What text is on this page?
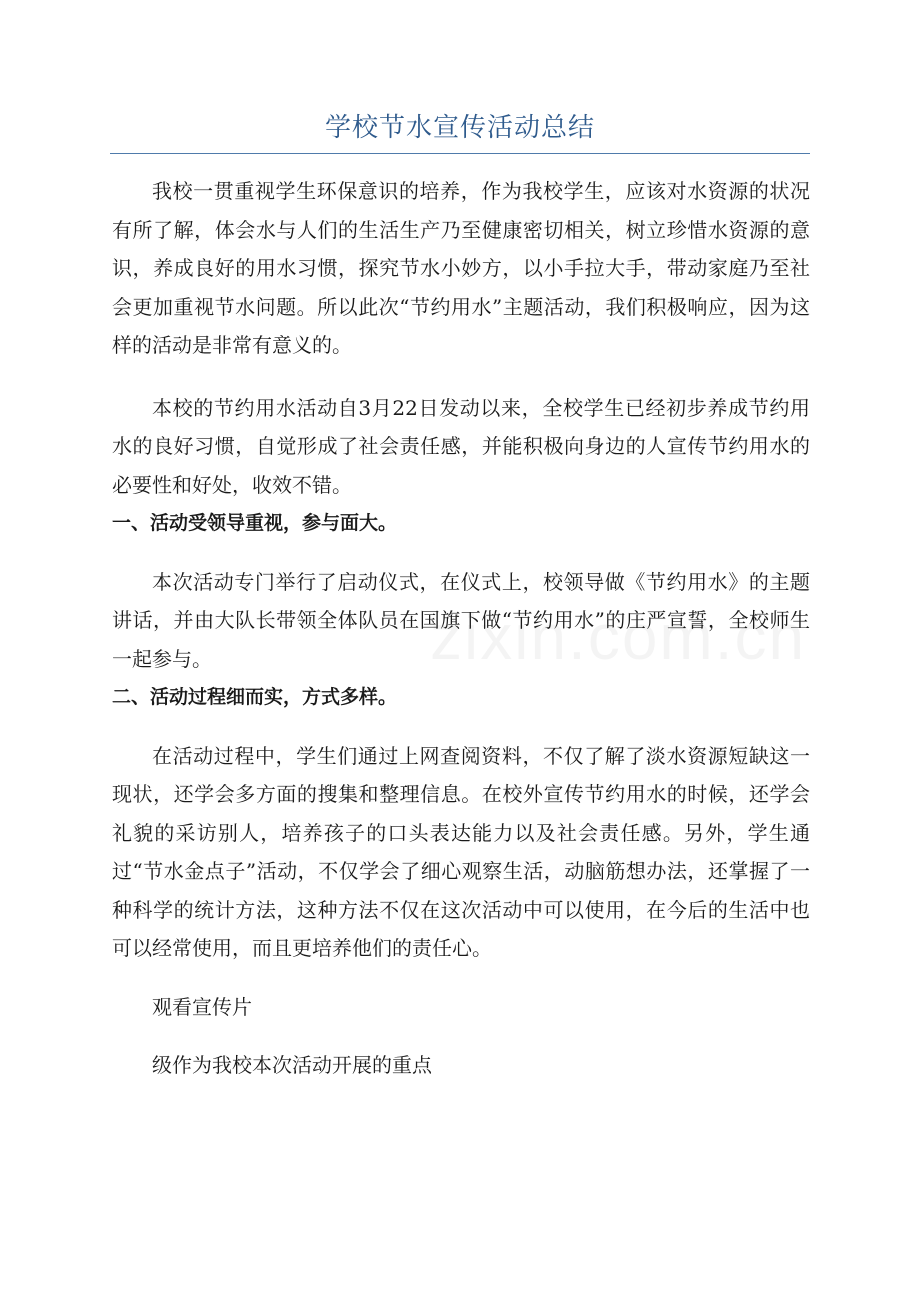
学校节水宣传活动总结

我校一贯重视学生环保意识的培养，作为我校学生，应该对水资源的状况有所了解，体会水与人们的生活生产乃至健康密切相关，树立珍惜水资源的意识，养成良好的用水习惯，探究节水小妙方，以小手拉大手，带动家庭乃至社会更加重视节水问题。所以此次“节约用水”主题活动，我们积极响应，因为这样的活动是非常有意义的。

本校的节约用水活动自3月22日发动以来，全校学生已经初步养成节约用水的良好习惯，自觉形成了社会责任感，并能积极向身边的人宣传节约用水的必要性和好处，收效不错。

一、活动受领导重视，参与面大。

本次活动专门举行了启动仪式，在仪式上，校领导做《节约用水》的主题讲话，并由大队长带领全体队员在国旗下做“节约用水”的庄严宣誓，全校师生一起参与。

二、活动过程细而实，方式多样。

在活动过程中，学生们通过上网查阅资料，不仅了解了淡水资源短缺这一现状，还学会多方面的搜集和整理信息。在校外宣传节约用水的时候，还学会礼貌的采访别人，培养孩子的口头表达能力以及社会责任感。另外，学生通过“节水金点子”活动，不仅学会了细心观察生活，动脑筋想办法，还掌握了一种科学的统计方法，这种方法不仅在这次活动中可以使用，在今后的生活中也可以经常使用，而且更培养他们的责任心。

观看宣传片

级作为我校本次活动开展的重点
